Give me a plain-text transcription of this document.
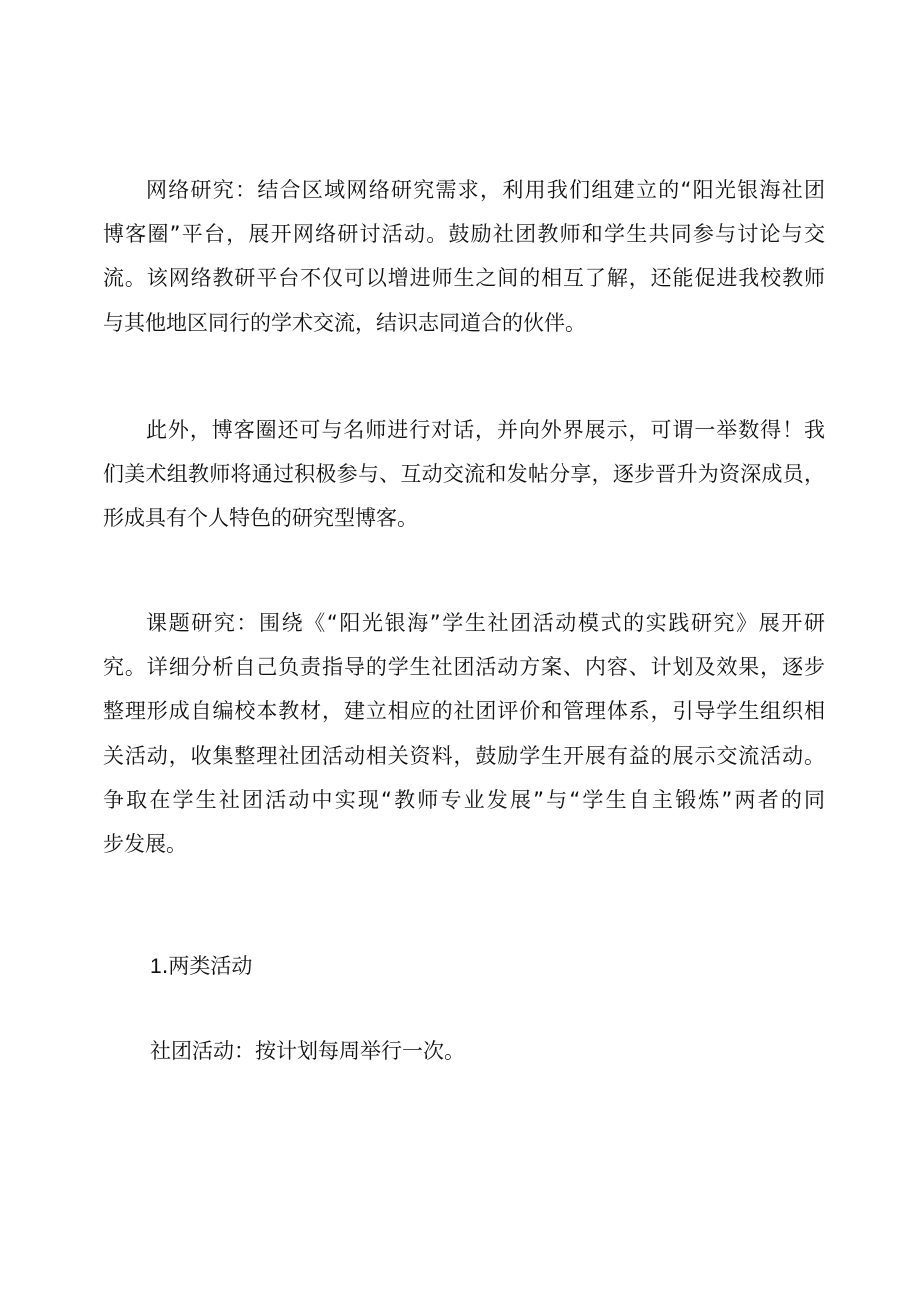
网络研究：结合区域网络研究需求，利用我们组建立的“阳光银海社团
博客圈”平台，展开网络研讨活动。鼓励社团教师和学生共同参与讨论与交
流。该网络教研平台不仅可以增进师生之间的相互了解，还能促进我校教师
与其他地区同行的学术交流，结识志同道合的伙伴。

此外，博客圈还可与名师进行对话，并向外界展示，可谓一举数得！我
们美术组教师将通过积极参与、互动交流和发帖分享，逐步晋升为资深成员，
形成具有个人特色的研究型博客。

课题研究：围绕《“阳光银海”学生社团活动模式的实践研究》展开研
究。详细分析自己负责指导的学生社团活动方案、内容、计划及效果，逐步
整理形成自编校本教材，建立相应的社团评价和管理体系，引导学生组织相
关活动，收集整理社团活动相关资料，鼓励学生开展有益的展示交流活动。
争取在学生社团活动中实现“教师专业发展”与“学生自主锻炼”两者的同
步发展。

1.两类活动

社团活动：按计划每周举行一次。
